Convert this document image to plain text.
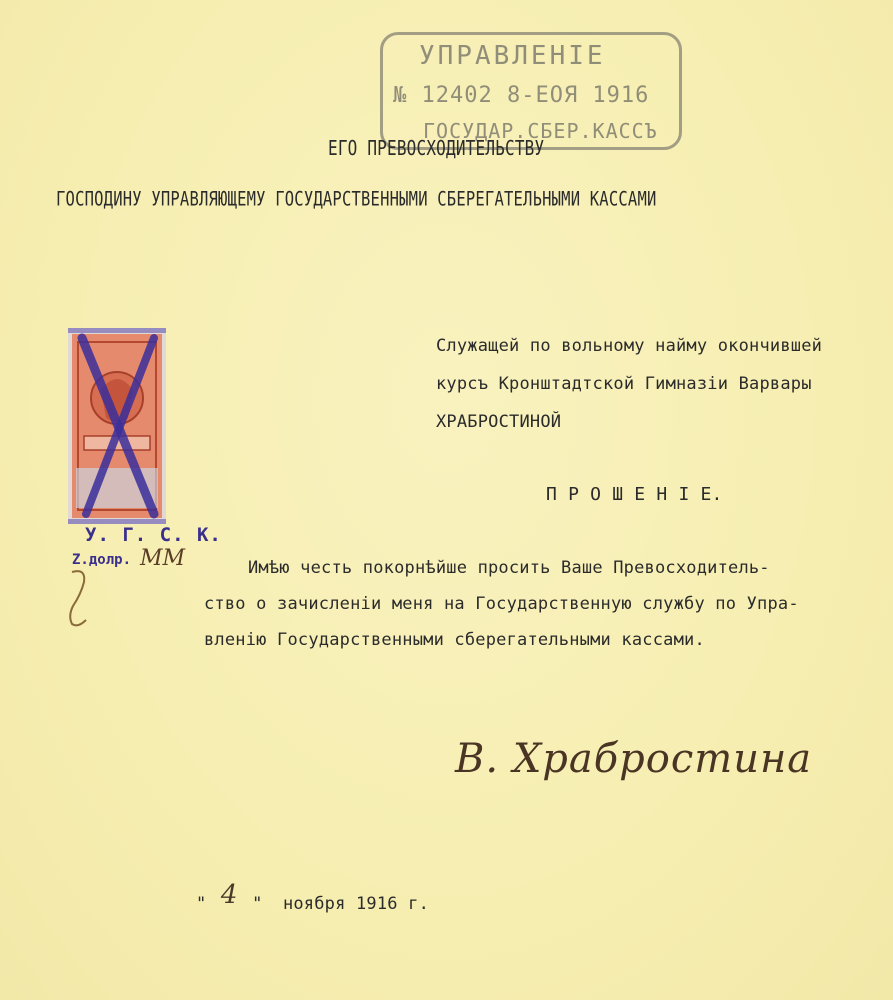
УПРАВЛЕНIЕ
№ 12402 8-ЕОЯ 1916
ГОСУДАР.СБЕР.КАССЪ
ЕГО ПРЕВОСХОДИТЕЛЬСТВУ
ГОСПОДИНУ УПРАВЛЯЮЩЕМУ ГОСУДАРСТВЕННЫМИ СБЕРЕГАТЕЛЬНЫМИ КАССАМИ
У. Г. С. К.
Z.долр. ММ
Служащей по вольному найму окончившей
курсъ Кронштадтской Гимназiи Варвары
ХРАБРОСТИНОЙ
П Р О Ш Е Н I Е.
Имѣю честь покорнѣйше просить Ваше Превосходитель-
ство о зачисленiи меня на Государственную службу по Упра-
вленiю Государственными сберегательными кассами.
В. Храбростина
" 4 " ноября 1916 г.
